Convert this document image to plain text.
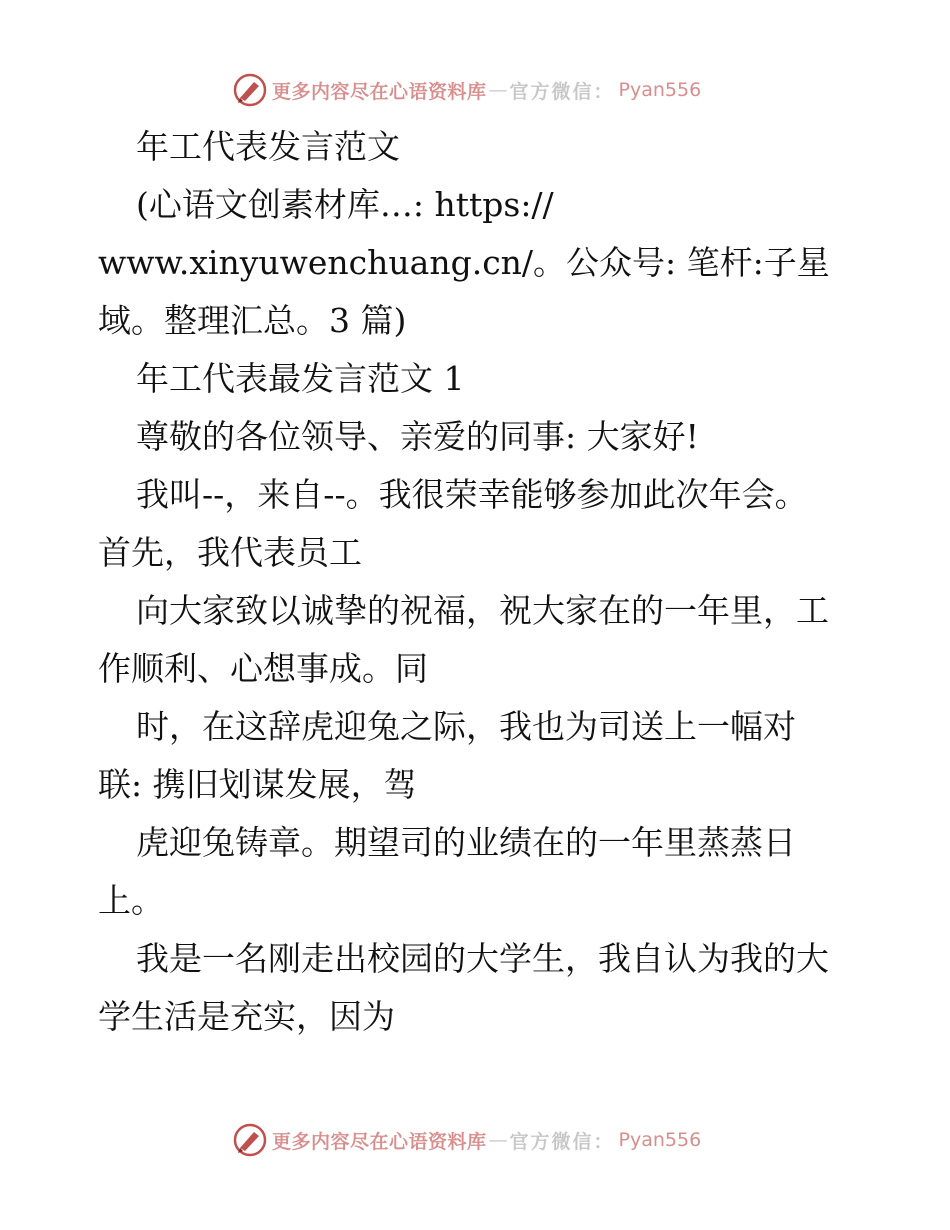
更多内容尽在心语资料库 — 官方微信： Pyan556

年工代表发言范文

(心语文创素材库…: https://

www.xinyuwenchuang.cn/。公众号: 笔杆:子星

域。整理汇总。3 篇)

年工代表最发言范文 1

尊敬的各位领导、亲爱的同事: 大家好!

我叫--，来自--。我很荣幸能够参加此次年会。

首先，我代表员工

向大家致以诚挚的祝福，祝大家在的一年里，工

作顺利、心想事成。同

时，在这辞虎迎兔之际，我也为司送上一幅对

联: 携旧划谋发展，驾

虎迎兔铸章。期望司的业绩在的一年里蒸蒸日

上。

我是一名刚走出校园的大学生，我自认为我的大

学生活是充实，因为

更多内容尽在心语资料库 — 官方微信： Pyan556
